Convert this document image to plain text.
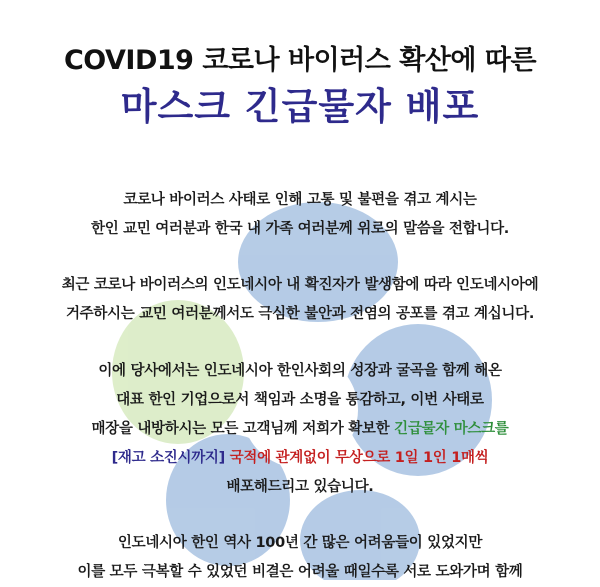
COVID19 코로나 바이러스 확산에 따른
마스크 긴급물자 배포
코로나 바이러스 사태로 인해 고통 및 불편을 겪고 계시는
한인 교민 여러분과 한국 내 가족 여러분께 위로의 말씀을 전합니다.
최근 코로나 바이러스의 인도네시아 내 확진자가 발생함에 따라 인도네시아에
거주하시는 교민 여러분께서도 극심한 불안과 전염의 공포를 겪고 계십니다.
이에 당사에서는 인도네시아 한인사회의 성장과 굴곡을 함께 해온
대표 한인 기업으로서 책임과 소명을 통감하고, 이번 사태로
매장을 내방하시는 모든 고객님께 저희가 확보한 긴급물자 마스크를
[재고 소진시까지] 국적에 관계없이 무상으로 1일 1인 1매씩
배포해드리고 있습니다.
인도네시아 한인 역사 100년 간 많은 어려움들이 있었지만
이를 모두 극복할 수 있었던 비결은 어려울 때일수록 서로 도와가며 함께
